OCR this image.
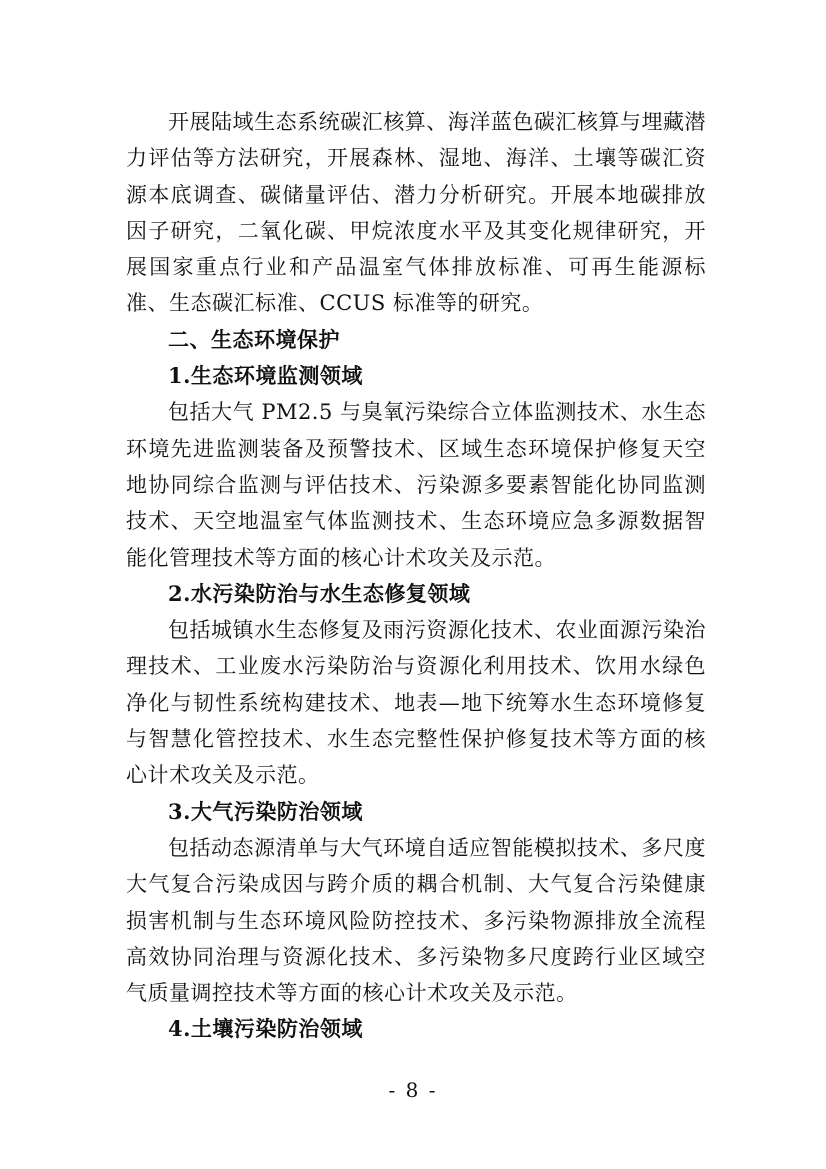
开展陆域生态系统碳汇核算、海洋蓝色碳汇核算与埋藏潜力评估等方法研究，开展森林、湿地、海洋、土壤等碳汇资源本底调查、碳储量评估、潜力分析研究。开展本地碳排放因子研究，二氧化碳、甲烷浓度水平及其变化规律研究，开展国家重点行业和产品温室气体排放标准、可再生能源标准、生态碳汇标准、CCUS 标准等的研究。

二、生态环境保护

1.生态环境监测领域

包括大气 PM2.5 与臭氧污染综合立体监测技术、水生态环境先进监测装备及预警技术、区域生态环境保护修复天空地协同综合监测与评估技术、污染源多要素智能化协同监测技术、天空地温室气体监测技术、生态环境应急多源数据智能化管理技术等方面的核心计术攻关及示范。

2.水污染防治与水生态修复领域

包括城镇水生态修复及雨污资源化技术、农业面源污染治理技术、工业废水污染防治与资源化利用技术、饮用水绿色净化与韧性系统构建技术、地表—地下统筹水生态环境修复与智慧化管控技术、水生态完整性保护修复技术等方面的核心计术攻关及示范。

3.大气污染防治领域

包括动态源清单与大气环境自适应智能模拟技术、多尺度大气复合污染成因与跨介质的耦合机制、大气复合污染健康损害机制与生态环境风险防控技术、多污染物源排放全流程高效协同治理与资源化技术、多污染物多尺度跨行业区域空气质量调控技术等方面的核心计术攻关及示范。

4.土壤污染防治领域

- 8 -
